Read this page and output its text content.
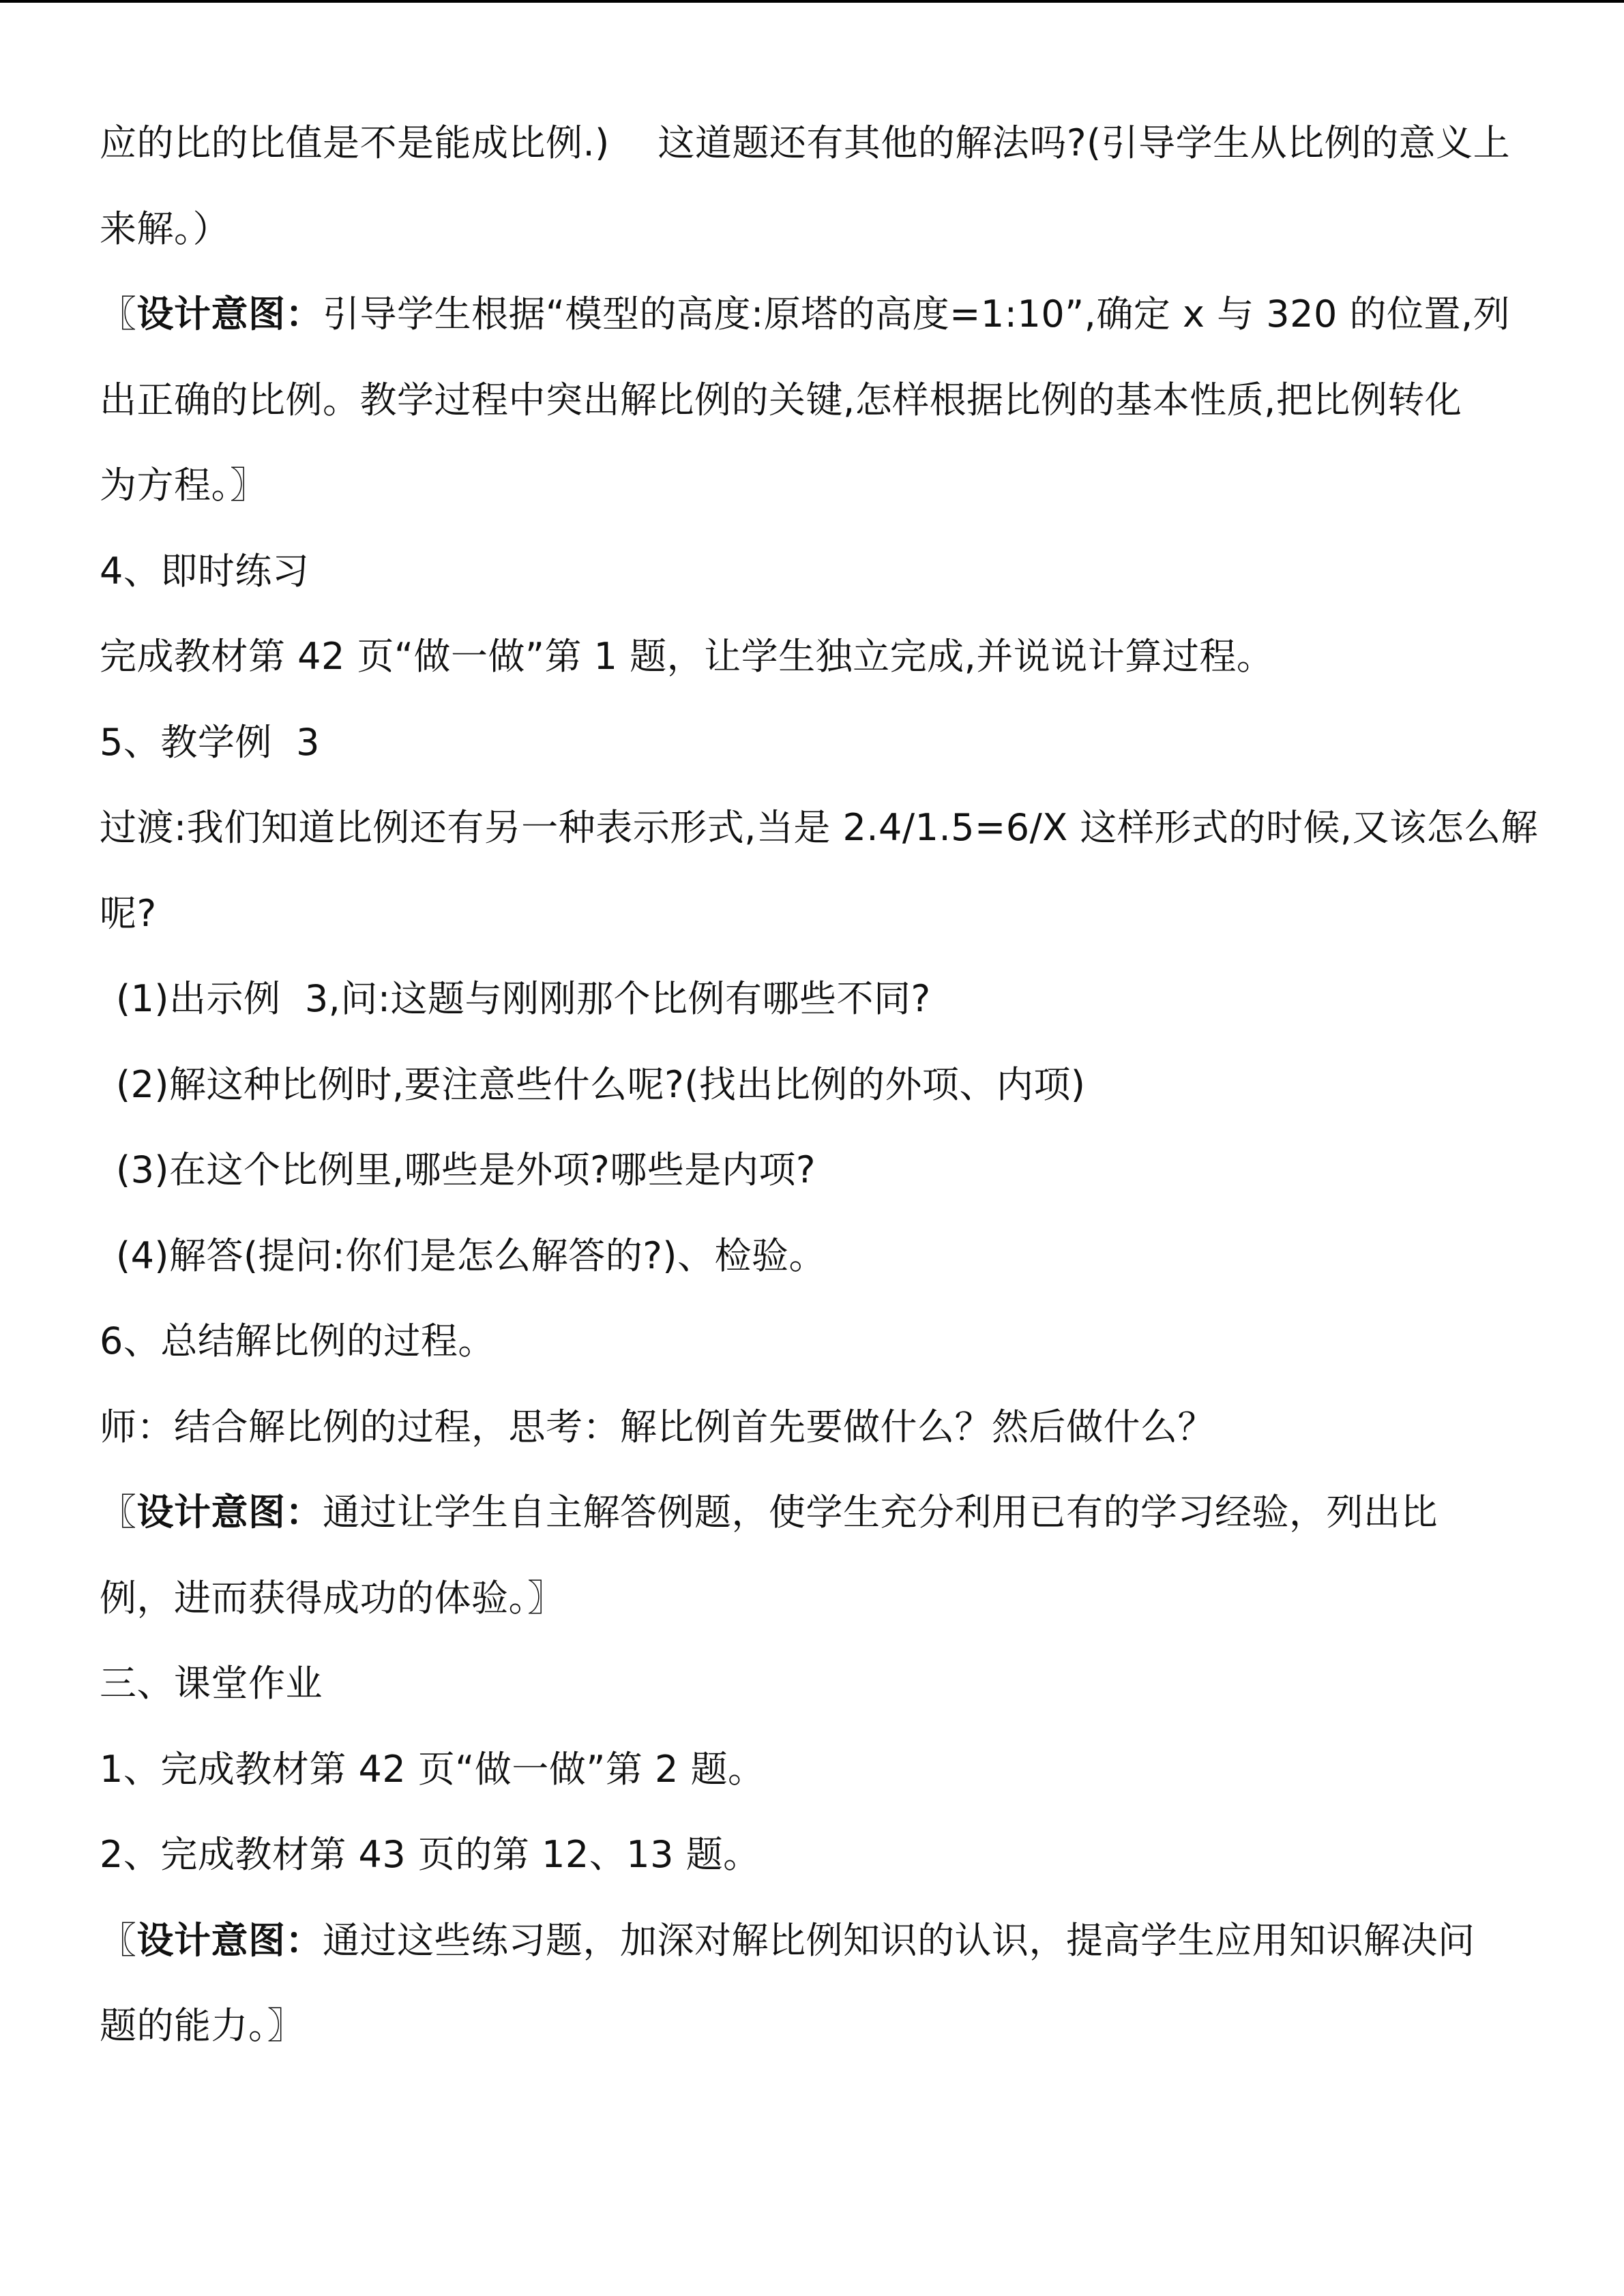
应的比的比值是不是能成比例.)    这道题还有其他的解法吗?(引导学生从比例的意义上
来解。）
〖设计意图：引导学生根据“模型的高度:原塔的高度=1:10”,确定 x 与 320 的位置,列
出正确的比例。教学过程中突出解比例的关键,怎样根据比例的基本性质,把比例转化
为方程。〗
4、即时练习
完成教材第 42 页“做一做”第 1 题，让学生独立完成,并说说计算过程。
5、教学例  3
过渡:我们知道比例还有另一种表示形式,当是 2.4/1.5=6/X 这样形式的时候,又该怎么解
呢?
(1)出示例  3,问:这题与刚刚那个比例有哪些不同?
(2)解这种比例时,要注意些什么呢?(找出比例的外项、内项)
(3)在这个比例里,哪些是外项?哪些是内项?
(4)解答(提问:你们是怎么解答的?)、检验。
6、总结解比例的过程。
师：结合解比例的过程，思考：解比例首先要做什么？然后做什么？
〖设计意图：通过让学生自主解答例题，使学生充分利用已有的学习经验，列出比
例，进而获得成功的体验。〗
三、课堂作业
1、完成教材第 42 页“做一做”第 2 题。
2、完成教材第 43 页的第 12、13 题。
〖设计意图：通过这些练习题，加深对解比例知识的认识，提高学生应用知识解决问
题的能力。〗
